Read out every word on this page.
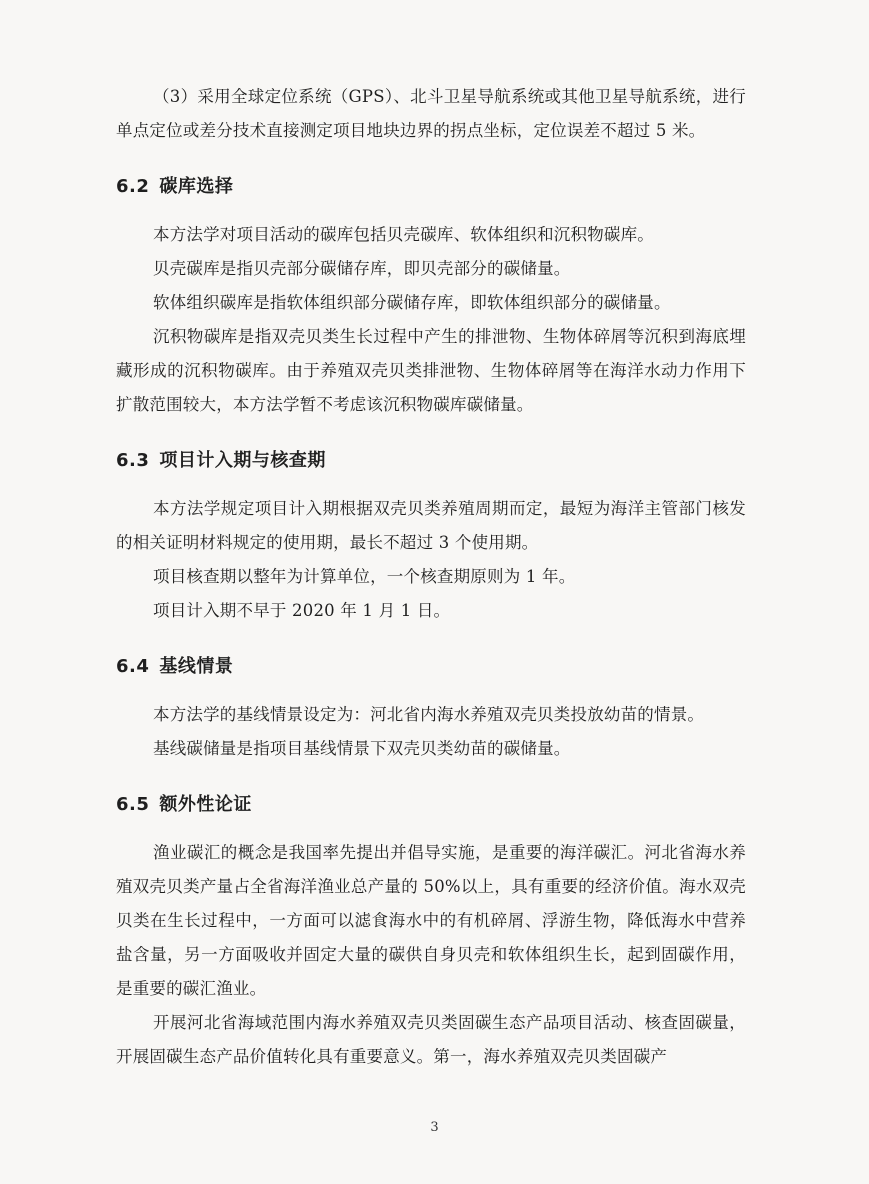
（3）采用全球定位系统（GPS）、北斗卫星导航系统或其他卫星导航系统，进行单点定位或差分技术直接测定项目地块边界的拐点坐标，定位误差不超过 5 米。

6.2 碳库选择

本方法学对项目活动的碳库包括贝壳碳库、软体组织和沉积物碳库。

贝壳碳库是指贝壳部分碳储存库，即贝壳部分的碳储量。

软体组织碳库是指软体组织部分碳储存库，即软体组织部分的碳储量。

沉积物碳库是指双壳贝类生长过程中产生的排泄物、生物体碎屑等沉积到海底埋藏形成的沉积物碳库。由于养殖双壳贝类排泄物、生物体碎屑等在海洋水动力作用下扩散范围较大，本方法学暂不考虑该沉积物碳库碳储量。

6.3 项目计入期与核查期

本方法学规定项目计入期根据双壳贝类养殖周期而定，最短为海洋主管部门核发的相关证明材料规定的使用期，最长不超过 3 个使用期。

项目核查期以整年为计算单位，一个核查期原则为 1 年。

项目计入期不早于 2020 年 1 月 1 日。

6.4 基线情景

本方法学的基线情景设定为：河北省内海水养殖双壳贝类投放幼苗的情景。

基线碳储量是指项目基线情景下双壳贝类幼苗的碳储量。

6.5 额外性论证

渔业碳汇的概念是我国率先提出并倡导实施，是重要的海洋碳汇。河北省海水养殖双壳贝类产量占全省海洋渔业总产量的 50%以上，具有重要的经济价值。海水双壳贝类在生长过程中，一方面可以滤食海水中的有机碎屑、浮游生物，降低海水中营养盐含量，另一方面吸收并固定大量的碳供自身贝壳和软体组织生长，起到固碳作用，是重要的碳汇渔业。

开展河北省海域范围内海水养殖双壳贝类固碳生态产品项目活动、核查固碳量，开展固碳生态产品价值转化具有重要意义。第一，海水养殖双壳贝类固碳产

3
